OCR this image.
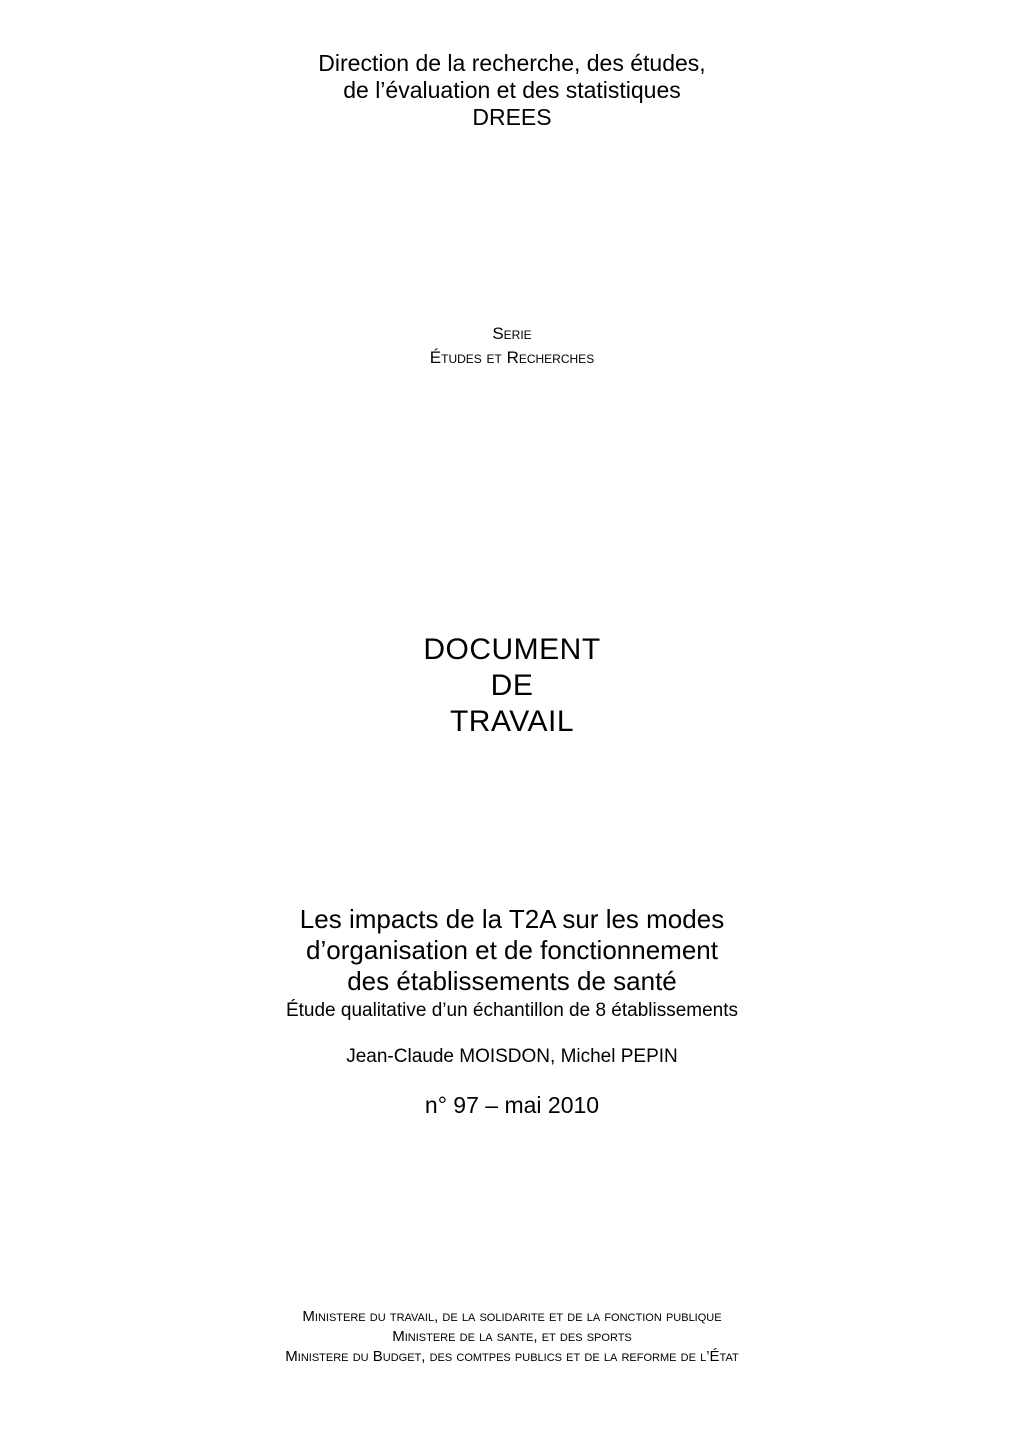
Direction de la recherche, des études,
de l’évaluation et des statistiques
DREES
Serie
Études et Recherches
DOCUMENT
DE
TRAVAIL
Les impacts de la T2A sur les modes
d’organisation et de fonctionnement
des établissements de santé
Étude qualitative d’un échantillon de 8 établissements
Jean-Claude MOISDON, Michel PEPIN
n° 97 – mai 2010
Ministere du travail, de la solidarite et de la fonction publique
Ministere de la sante, et des sports
Ministere du Budget, des comtpes publics et de la reforme de l’État
